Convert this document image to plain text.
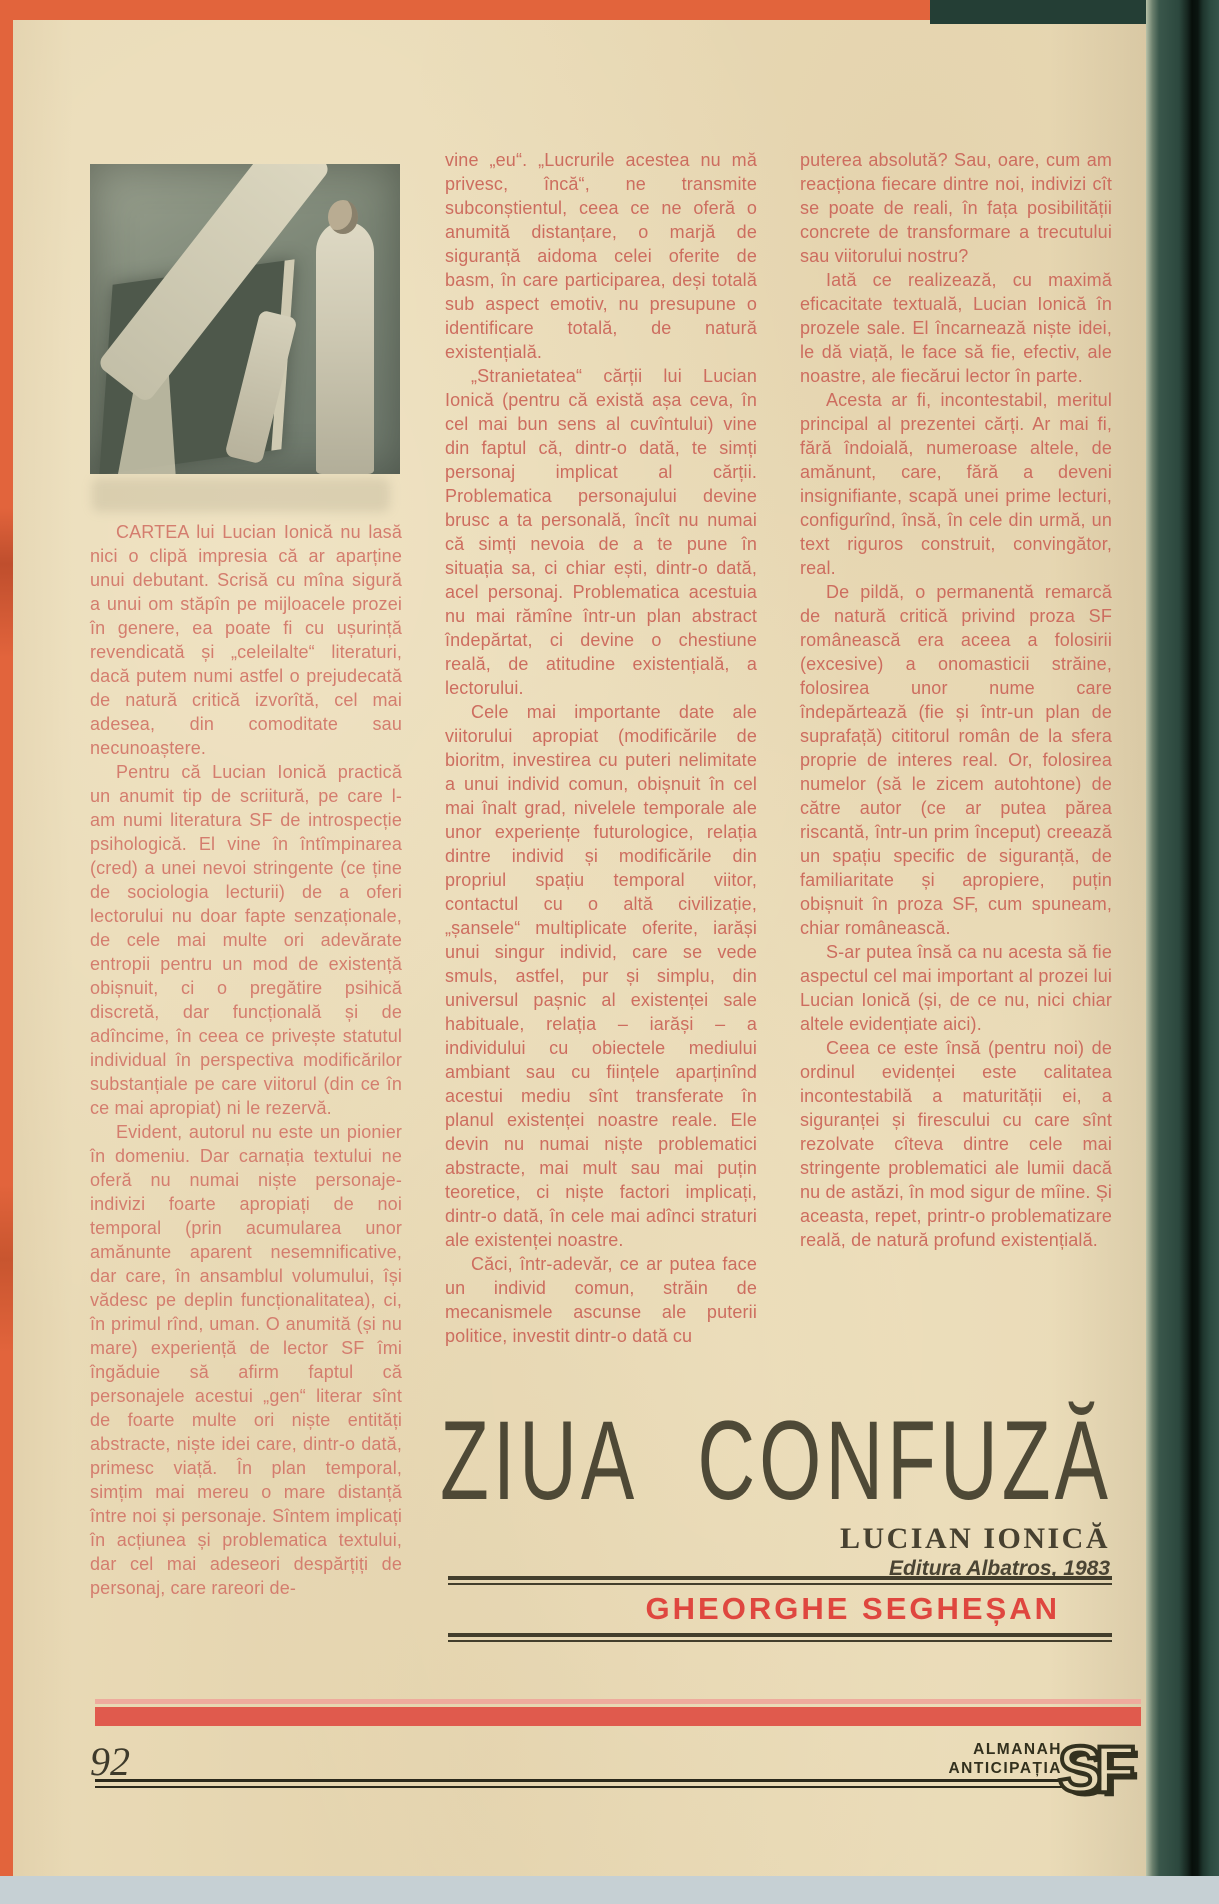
CARTEA lui Lucian Ionică nu lasă nici o clipă impresia că ar aparține unui debutant. Scrisă cu mîna sigură a unui om stăpîn pe mijloacele prozei în genere, ea poate fi cu ușurință revendicată și „celeilalte“ literaturi, dacă putem numi astfel o prejudecată de natură critică izvorîtă, cel mai adesea, din comoditate sau necunoaștere.

Pentru că Lucian Ionică practică un anumit tip de scriitură, pe care l-am numi literatura SF de introspecție psihologică. El vine în întîmpinarea (cred) a unei nevoi stringente (ce ține de sociologia lecturii) de a oferi lectorului nu doar fapte senzaționale, de cele mai multe ori adevărate entropii pentru un mod de existență obișnuit, ci o pregătire psihică discretă, dar funcțională și de adîncime, în ceea ce privește statutul individual în perspectiva modificărilor substanțiale pe care viitorul (din ce în ce mai apropiat) ni le rezervă.

Evident, autorul nu este un pionier în domeniu. Dar carnația textului ne oferă nu numai niște personaje-indivizi foarte apropiați de noi temporal (prin acumularea unor amănunte aparent nesemnificative, dar care, în ansamblul volumului, își vădesc pe deplin funcționalitatea), ci, în primul rînd, uman. O anumită (și nu mare) experiență de lector SF îmi îngăduie să afirm faptul că personajele acestui „gen“ literar sînt de foarte multe ori niște entități abstracte, niște idei care, dintr-o dată, primesc viață. În plan temporal, simțim mai mereu o mare distanță între noi și personaje. Sîntem implicați în acțiunea și problematica textului, dar cel mai adeseori despărțiți de personaj, care rareori de-

vine „eu“. „Lucrurile acestea nu mă privesc, încă“, ne transmite subconștientul, ceea ce ne oferă o anumită distanțare, o marjă de siguranță aidoma celei oferite de basm, în care participarea, deși totală sub aspect emotiv, nu presupune o identificare totală, de natură existențială.

„Stranietatea“ cărții lui Lucian Ionică (pentru că există așa ceva, în cel mai bun sens al cuvîntului) vine din faptul că, dintr-o dată, te simți personaj implicat al cărții. Problematica personajului devine brusc a ta personală, încît nu numai că simți nevoia de a te pune în situația sa, ci chiar ești, dintr-o dată, acel personaj. Problematica acestuia nu mai rămîne într-un plan abstract îndepărtat, ci devine o chestiune reală, de atitudine existențială, a lectorului.

Cele mai importante date ale viitorului apropiat (modificările de bioritm, investirea cu puteri nelimitate a unui individ comun, obișnuit în cel mai înalt grad, nivelele temporale ale unor experiențe futurologice, relația dintre individ și modificările din propriul spațiu temporal viitor, contactul cu o altă civilizație, „șansele“ multiplicate oferite, iarăși unui singur individ, care se vede smuls, astfel, pur și simplu, din universul pașnic al existenței sale habituale, relația – iarăși – a individului cu obiectele mediului ambiant sau cu ființele aparținînd acestui mediu sînt transferate în planul existenței noastre reale. Ele devin nu numai niște problematici abstracte, mai mult sau mai puțin teoretice, ci niște factori implicați, dintr-o dată, în cele mai adînci straturi ale existenței noastre.

Căci, într-adevăr, ce ar putea face un individ comun, străin de mecanismele ascunse ale puterii politice, investit dintr-o dată cu

puterea absolută? Sau, oare, cum am reacționa fiecare dintre noi, indivizi cît se poate de reali, în fața posibilității concrete de transformare a trecutului sau viitorului nostru?

Iată ce realizează, cu maximă eficacitate textuală, Lucian Ionică în prozele sale. El încarnează niște idei, le dă viață, le face să fie, efectiv, ale noastre, ale fiecărui lector în parte.

Acesta ar fi, incontestabil, meritul principal al prezentei cărți. Ar mai fi, fără îndoială, numeroase altele, de amănunt, care, fără a deveni insignifiante, scapă unei prime lecturi, configurînd, însă, în cele din urmă, un text riguros construit, convingător, real.

De pildă, o permanentă remarcă de natură critică privind proza SF românească era aceea a folosirii (excesive) a onomasticii străine, folosirea unor nume care îndepărtează (fie și într-un plan de suprafață) cititorul român de la sfera proprie de interes real. Or, folosirea numelor (să le zicem autohtone) de către autor (ce ar putea părea riscantă, într-un prim început) creează un spațiu specific de siguranță, de familiaritate și apropiere, puțin obișnuit în proza SF, cum spuneam, chiar românească.

S-ar putea însă ca nu acesta să fie aspectul cel mai important al prozei lui Lucian Ionică (și, de ce nu, nici chiar altele evidențiate aici).

Ceea ce este însă (pentru noi) de ordinul evidenței este calitatea incontestabilă a maturității ei, a siguranței și firescului cu care sînt rezolvate cîteva dintre cele mai stringente problematici ale lumii dacă nu de astăzi, în mod sigur de mîine. Și aceasta, repet, printr-o problematizare reală, de natură profund existențială.

ZIUA CONFUZĂ
LUCIAN IONICĂ
Editura Albatros, 1983
GHEORGHE SEGHEȘAN
92	ALMANAH
ANTICIPAȚIA
SF
